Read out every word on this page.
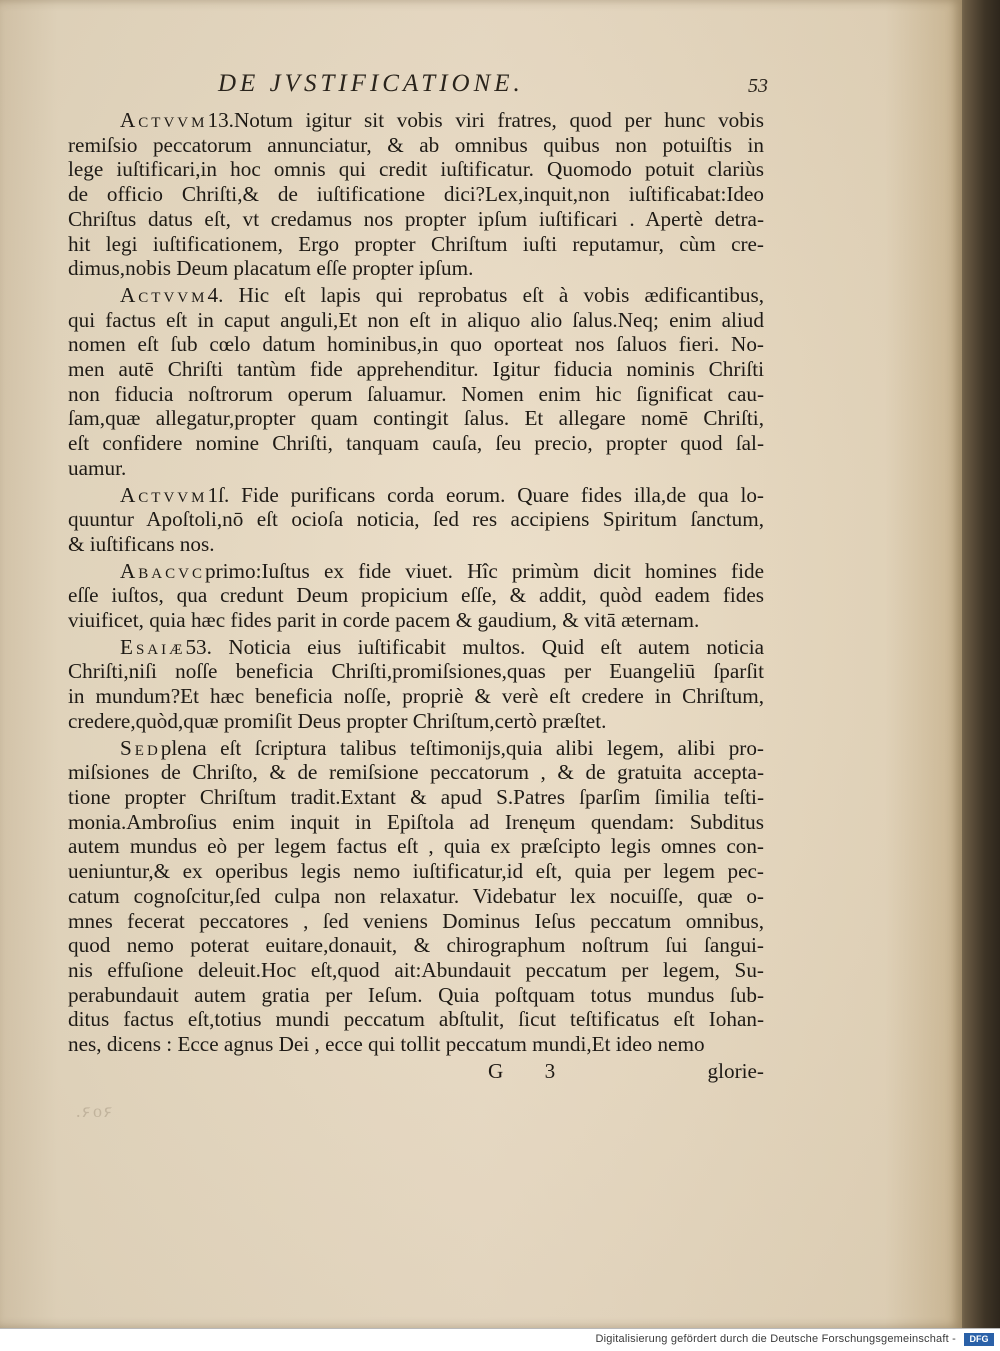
DE JVSTIFICATIONE.	53
Actvvm13.Notum igitur sit vobis viri fratres, quod per hunc vobis
remiſsio peccatorum annunciatur, & ab omnibus quibus non potuiſtis in
lege iuſtificari,in hoc omnis qui credit iuſtificatur. Quomodo potuit clariùs
de officio Chriſti,& de iuſtificatione dici?Lex,inquit,non iuſtificabat:Ideo
Chriſtus datus eſt, vt credamus nos propter ipſum iuſtificari . Apertè detra-
hit legi iuſtificationem, Ergo propter Chriſtum iuſti reputamur, cùm cre-
dimus,nobis Deum placatum eſſe propter ipſum.
Actvvm4. Hic eſt lapis qui reprobatus eſt à vobis ædificantibus,
qui factus eſt in caput anguli,Et non eſt in aliquo alio ſalus.Neq; enim aliud
nomen eſt ſub cœlo datum hominibus,in quo oporteat nos ſaluos fieri. No-
men autē Chriſti tantùm fide apprehenditur. Igitur fiducia nominis Chriſti
non fiducia noſtrorum operum ſaluamur. Nomen enim hic ſignificat cau-
ſam,quæ allegatur,propter quam contingit ſalus. Et allegare nomē Chriſti,
eſt confidere nomine Chriſti, tanquam cauſa, ſeu precio, propter quod ſal-
uamur.
Actvvm1ſ. Fide purificans corda eorum. Quare fides illa,de qua lo-
quuntur Apoſtoli,nō eſt ocioſa noticia, ſed res accipiens Spiritum ſanctum,
& iuſtificans nos.
Abacvcprimo:Iuſtus ex fide viuet. Hîc primùm dicit homines fide
eſſe iuſtos, qua credunt Deum propicium eſſe, & addit, quòd eadem fides
viuificet, quia hæc fides parit in corde pacem & gaudium, & vitā æternam.
Esaiæ53. Noticia eius iuſtificabit multos. Quid eſt autem noticia
Chriſti,niſi noſſe beneficia Chriſti,promiſsiones,quas per Euangeliū ſparſit
in mundum?Et hæc beneficia noſſe, propriè & verè eſt credere in Chriſtum,
credere,quòd,quæ promiſit Deus propter Chriſtum,certò præſtet.
Sedplena eſt ſcriptura talibus teſtimonijs,quia alibi legem, alibi pro-
miſsiones de Chriſto, & de remiſsione peccatorum , & de gratuita accepta-
tione propter Chriſtum tradit.Extant & apud S.Patres ſparſim ſimilia teſti-
monia.Ambroſius enim inquit in Epiſtola ad Irenęum quendam: Subditus
autem mundus eò per legem factus eſt , quia ex præſcipto legis omnes con-
ueniuntur,& ex operibus legis nemo iuſtificatur,id eſt, quia per legem pec-
catum cognoſcitur,ſed culpa non relaxatur. Videbatur lex nocuiſſe, quæ o-
mnes fecerat peccatores , ſed veniens Dominus Ieſus peccatum omnibus,
quod nemo poterat euitare,donauit, & chirographum noſtrum ſui ſangui-
nis effuſione deleuit.Hoc eſt,quod ait:Abundauit peccatum per legem, Su-
perabundauit autem gratia per Ieſum. Quia poſtquam totus mundus ſub-
ditus factus eſt,totius mundi peccatum abſtulit, ſicut teſtificatus eſt Iohan-
nes, dicens : Ecce agnus Dei , ecce qui tollit peccatum mundi,Et ideo nemo
G 3	glorie-
ꝛoꝛ.
Digitalisierung gefördert durch die Deutsche Forschungsgemeinschaft -	DFG
